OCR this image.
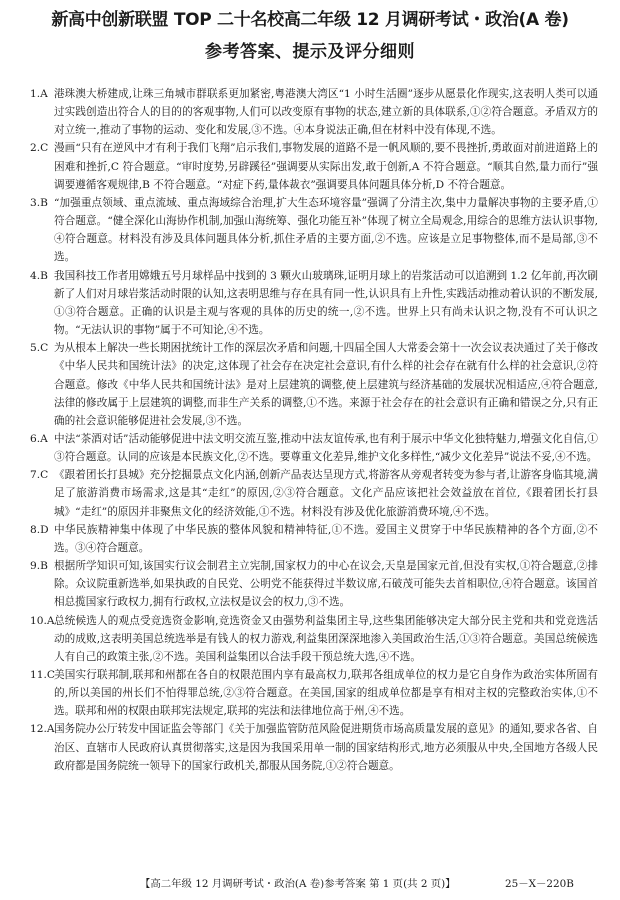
新高中创新联盟 TOP 二十名校高二年级 12 月调研考试・政治(A 卷)
参考答案、提示及评分细则
1.A 港珠澳大桥建成,让珠三角城市群联系更加紧密,粤港澳大湾区“1 小时生活圈”逐步从愿景化作现实,这表明人类可以通过实践创造出符合人的目的的客观事物,人们可以改变原有事物的状态,建立新的具体联系,①②符合题意。矛盾双方的对立统一,推动了事物的运动、变化和发展,③不选。④本身说法正确,但在材料中没有体现,不选。
2.C 漫画“只有在逆风中才有利于我们飞翔”启示我们,事物发展的道路不是一帆风顺的,要不畏挫折,勇敢面对前进道路上的困难和挫折,C 符合题意。“审时度势,另辟蹊径”强调要从实际出发,敢于创新,A 不符合题意。“顺其自然,量力而行”强调要遵循客观规律,B 不符合题意。“对症下药,量体裁衣”强调要具体问题具体分析,D 不符合题意。
3.B “加强重点领域、重点流域、重点海域综合治理,扩大生态环境容量”强调了分清主次,集中力量解决事物的主要矛盾,①符合题意。“健全深化山海协作机制,加强山海统筹、强化功能互补”体现了树立全局观念,用综合的思维方法认识事物,④符合题意。材料没有涉及具体问题具体分析,抓住矛盾的主要方面,②不选。应该是立足事物整体,而不是局部,③不选。
4.B 我国科技工作者用嫦娥五号月球样品中找到的 3 颗火山玻璃珠,证明月球上的岩浆活动可以追溯到 1.2 亿年前,再次刷新了人们对月球岩浆活动时限的认知,这表明思维与存在具有同一性,认识具有上升性,实践活动推动着认识的不断发展,①③符合题意。正确的认识是主观与客观的具体的历史的统一,②不选。世界上只有尚未认识之物,没有不可认识之物。“无法认识的事物”属于不可知论,④不选。
5.C 为从根本上解决一些长期困扰统计工作的深层次矛盾和问题,十四届全国人大常委会第十一次会议表决通过了关于修改《中华人民共和国统计法》的决定,这体现了社会存在决定社会意识,有什么样的社会存在就有什么样的社会意识,②符合题意。修改《中华人民共和国统计法》是对上层建筑的调整,使上层建筑与经济基础的发展状况相适应,④符合题意,法律的修改属于上层建筑的调整,而非生产关系的调整,①不选。来源于社会存在的社会意识有正确和错误之分,只有正确的社会意识能够促进社会发展,③不选。
6.A 中法“茶酒对话”活动能够促进中法文明交流互鉴,推动中法友谊传承,也有利于展示中华文化独特魅力,增强文化自信,①③符合题意。认同的应该是本民族文化,②不选。要尊重文化差异,维护文化多样性,“减少文化差异”说法不妥,④不选。
7.C 《跟着团长打县城》充分挖掘景点文化内涵,创新产品表达呈现方式,将游客从旁观者转变为参与者,让游客身临其境,满足了旅游消费市场需求,这是其“走红”的原因,②③符合题意。文化产品应该把社会效益放在首位,《跟着团长打县城》“走红”的原因并非聚焦文化的经济效能,①不选。材料没有涉及优化旅游消费环境,④不选。
8.D 中华民族精神集中体现了中华民族的整体风貌和精神特征,①不选。爱国主义贯穿于中华民族精神的各个方面,②不选。③④符合题意。
9.B 根据所学知识可知,该国实行议会制君主立宪制,国家权力的中心在议会,天皇是国家元首,但没有实权,①符合题意,②排除。众议院重新选举,如果执政的自民党、公明党不能获得过半数议席,石破茂可能失去首相职位,④符合题意。该国首相总揽国家行政权力,拥有行政权,立法权是议会的权力,③不选。
10.A 总统候选人的观点受竞选资金影响,竞选资金又由强势利益集团主导,这些集团能够决定大部分民主党和共和党竞选活动的成败,这表明美国总统选举是有钱人的权力游戏,利益集团深深地渗入美国政治生活,①③符合题意。美国总统候选人有自己的政策主张,②不选。美国利益集团以合法手段干预总统大选,④不选。
11.C 美国实行联邦制,联邦和州都在各自的权限范围内享有最高权力,联邦各组成单位的权力是它自身作为政治实体所固有的,所以美国的州长们不怕得罪总统,②③符合题意。在美国,国家的组成单位都是享有相对主权的完整政治实体,①不选。联邦和州的权限由联邦宪法规定,联邦的宪法和法律地位高于州,④不选。
12.A 国务院办公厅转发中国证监会等部门《关于加强监管防范风险促进期货市场高质量发展的意见》的通知,要求各省、自治区、直辖市人民政府认真贯彻落实,这是因为我国采用单一制的国家结构形式,地方必须服从中央,全国地方各级人民政府都是国务院统一领导下的国家行政机关,都服从国务院,①②符合题意。
【高二年级 12 月调研考试・政治(A 卷)参考答案 第 1 页(共 2 页)】	25－X－220B
